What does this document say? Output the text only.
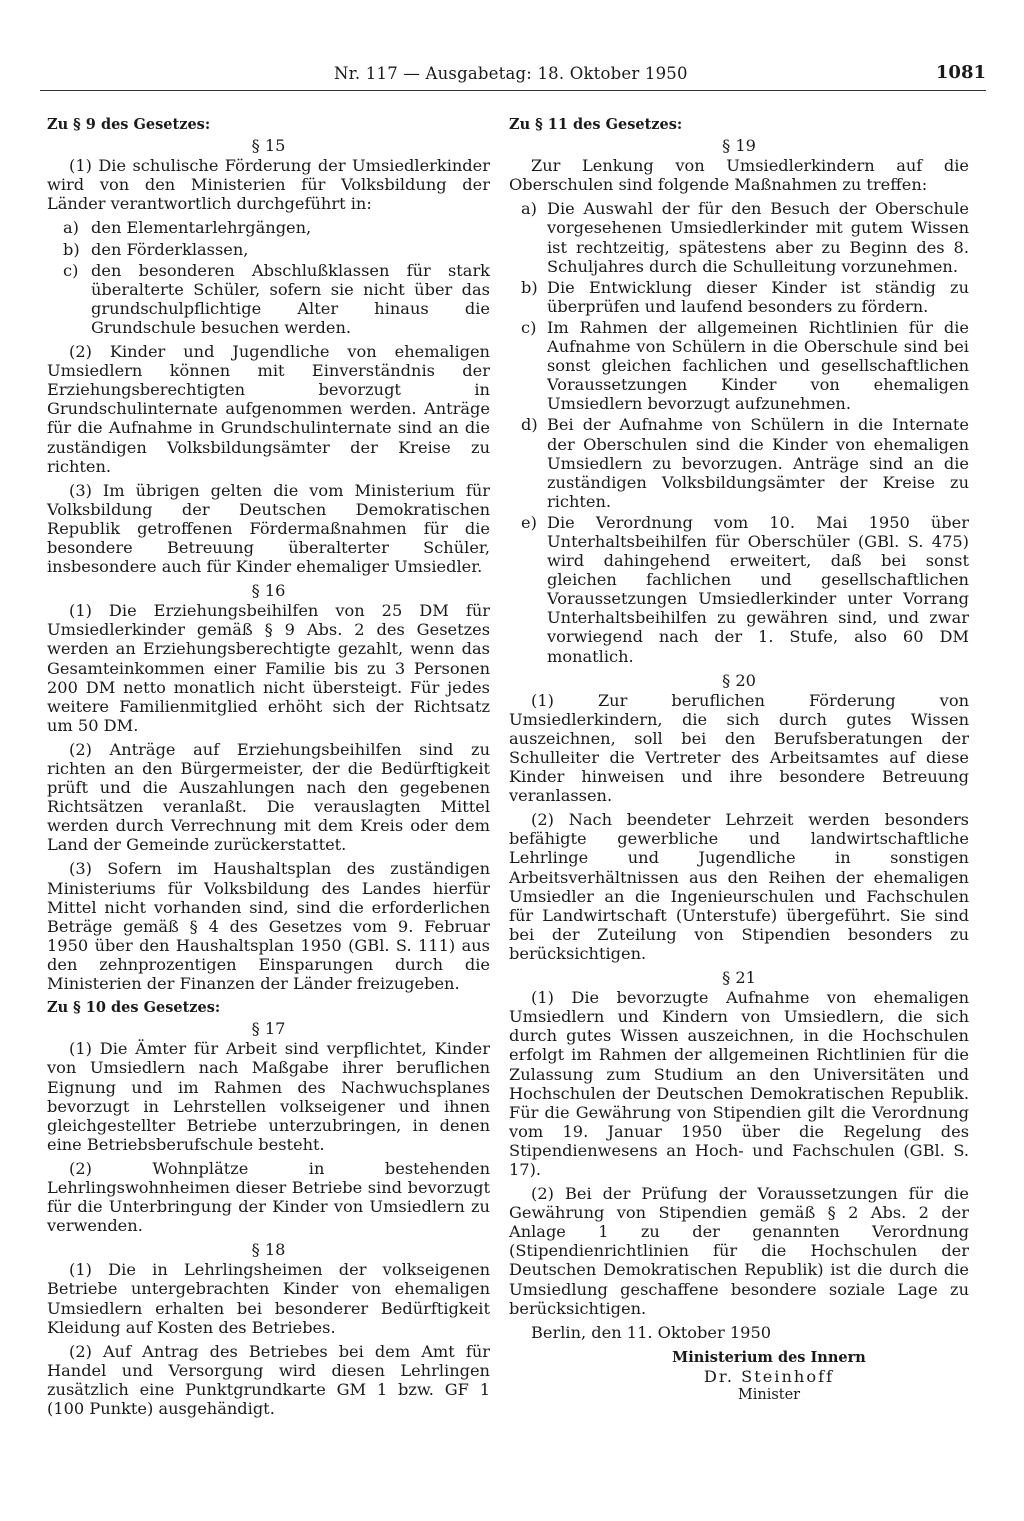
Nr. 117 — Ausgabetag: 18. Oktober 1950	1081
Zu § 9 des Gesetzes:
§ 15

(1) Die schulische Förderung der Umsiedlerkinder wird von den Ministerien für Volksbildung der Länder verantwortlich durchgeführt in:

a) den Elementarlehrgängen,
b) den Förderklassen,
c) den besonderen Abschlußklassen für stark überalterte Schüler, sofern sie nicht über das grundschulpflichtige Alter hinaus die Grundschule besuchen werden.

(2) Kinder und Jugendliche von ehemaligen Umsiedlern können mit Einverständnis der Erziehungsberechtigten bevorzugt in Grundschulinternate aufgenommen werden. Anträge für die Aufnahme in Grundschulinternate sind an die zuständigen Volksbildungsämter der Kreise zu richten.

(3) Im übrigen gelten die vom Ministerium für Volksbildung der Deutschen Demokratischen Republik getroffenen Fördermaßnahmen für die besondere Betreuung überalterter Schüler, insbesondere auch für Kinder ehemaliger Umsiedler.

§ 16

(1) Die Erziehungsbeihilfen von 25 DM für Umsiedlerkinder gemäß § 9 Abs. 2 des Gesetzes werden an Erziehungsberechtigte gezahlt, wenn das Gesamteinkommen einer Familie bis zu 3 Personen 200 DM netto monatlich nicht übersteigt. Für jedes weitere Familienmitglied erhöht sich der Richtsatz um 50 DM.

(2) Anträge auf Erziehungsbeihilfen sind zu richten an den Bürgermeister, der die Bedürftigkeit prüft und die Auszahlungen nach den gegebenen Richtsätzen veranlaßt. Die verauslagten Mittel werden durch Verrechnung mit dem Kreis oder dem Land der Gemeinde zurückerstattet.

(3) Sofern im Haushaltsplan des zuständigen Ministeriums für Volksbildung des Landes hierfür Mittel nicht vorhanden sind, sind die erforderlichen Beträge gemäß § 4 des Gesetzes vom 9. Februar 1950 über den Haushaltsplan 1950 (GBl. S. 111) aus den zehnprozentigen Einsparungen durch die Ministerien der Finanzen der Länder freizugeben.

Zu § 10 des Gesetzes:
§ 17

(1) Die Ämter für Arbeit sind verpflichtet, Kinder von Umsiedlern nach Maßgabe ihrer beruflichen Eignung und im Rahmen des Nachwuchsplanes bevorzugt in Lehrstellen volkseigener und ihnen gleichgestellter Betriebe unterzubringen, in denen eine Betriebsberufschule besteht.

(2) Wohnplätze in bestehenden Lehrlingswohnheimen dieser Betriebe sind bevorzugt für die Unterbringung der Kinder von Umsiedlern zu verwenden.

§ 18

(1) Die in Lehrlingsheimen der volkseigenen Betriebe untergebrachten Kinder von ehemaligen Umsiedlern erhalten bei besonderer Bedürftigkeit Kleidung auf Kosten des Betriebes.

(2) Auf Antrag des Betriebes bei dem Amt für Handel und Versorgung wird diesen Lehrlingen zusätzlich eine Punktgrundkarte GM 1 bzw. GF 1 (100 Punkte) ausgehändigt.

Zu § 11 des Gesetzes:
§ 19

Zur Lenkung von Umsiedlerkindern auf die Oberschulen sind folgende Maßnahmen zu treffen:

a) Die Auswahl der für den Besuch der Oberschule vorgesehenen Umsiedlerkinder mit gutem Wissen ist rechtzeitig, spätestens aber zu Beginn des 8. Schuljahres durch die Schulleitung vorzunehmen.
b) Die Entwicklung dieser Kinder ist ständig zu überprüfen und laufend besonders zu fördern.
c) Im Rahmen der allgemeinen Richtlinien für die Aufnahme von Schülern in die Oberschule sind bei sonst gleichen fachlichen und gesellschaftlichen Voraussetzungen Kinder von ehemaligen Umsiedlern bevorzugt aufzunehmen.
d) Bei der Aufnahme von Schülern in die Internate der Oberschulen sind die Kinder von ehemaligen Umsiedlern zu bevorzugen. Anträge sind an die zuständigen Volksbildungsämter der Kreise zu richten.
e) Die Verordnung vom 10. Mai 1950 über Unterhaltsbeihilfen für Oberschüler (GBl. S. 475) wird dahingehend erweitert, daß bei sonst gleichen fachlichen und gesellschaftlichen Voraussetzungen Umsiedlerkinder unter Vorrang Unterhaltsbeihilfen zu gewähren sind, und zwar vorwiegend nach der 1. Stufe, also 60 DM monatlich.
§ 20

(1) Zur beruflichen Förderung von Umsiedlerkindern, die sich durch gutes Wissen auszeichnen, soll bei den Berufsberatungen der Schulleiter die Vertreter des Arbeitsamtes auf diese Kinder hinweisen und ihre besondere Betreuung veranlassen.

(2) Nach beendeter Lehrzeit werden besonders befähigte gewerbliche und landwirtschaftliche Lehrlinge und Jugendliche in sonstigen Arbeitsverhältnissen aus den Reihen der ehemaligen Umsiedler an die Ingenieurschulen und Fachschulen für Landwirtschaft (Unterstufe) übergeführt. Sie sind bei der Zuteilung von Stipendien besonders zu berücksichtigen.

§ 21

(1) Die bevorzugte Aufnahme von ehemaligen Umsiedlern und Kindern von Umsiedlern, die sich durch gutes Wissen auszeichnen, in die Hochschulen erfolgt im Rahmen der allgemeinen Richtlinien für die Zulassung zum Studium an den Universitäten und Hochschulen der Deutschen Demokratischen Republik. Für die Gewährung von Stipendien gilt die Verordnung vom 19. Januar 1950 über die Regelung des Stipendienwesens an Hoch- und Fachschulen (GBl. S. 17).

(2) Bei der Prüfung der Voraussetzungen für die Gewährung von Stipendien gemäß § 2 Abs. 2 der Anlage 1 zu der genannten Verordnung (Stipendienrichtlinien für die Hochschulen der Deutschen Demokratischen Republik) ist die durch die Umsiedlung geschaffene besondere soziale Lage zu berücksichtigen.

Berlin, den 11. Oktober 1950

Ministerium des Innern
Dr. Steinhoff
Minister
